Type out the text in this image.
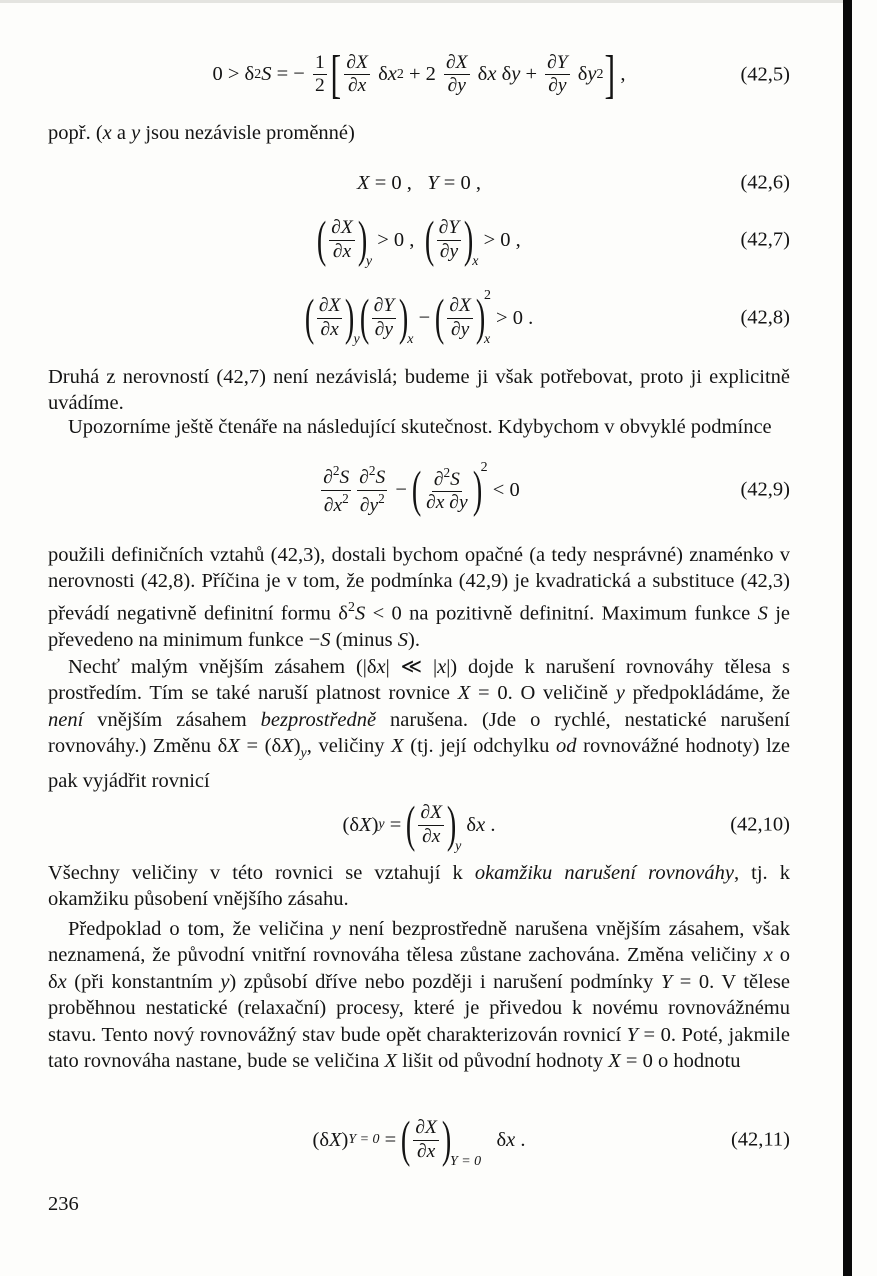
0 > δ 2 S = − $\frac{1}{2}$ [ $\frac{\partial X}{\partial x}$ δ x $2 + 2 \frac{\partial X}{\partial y}$ δ x δ $y + \frac{\partial Y}{\partial y}$ δ y 2 ] ,	(42,5)
popř. (x a y jsou nezávisle proměnné)
X = 0 , Y = 0 ,	(42,6)
( $\frac{\partial X}{\partial x}$ )

y
> 0 , ( $\frac{\partial Y}{\partial y}$ )

x
> 0 ,	(42,7)
( $\frac{\partial X}{\partial x}$ )

y ( $\frac{\partial Y}{\partial y}$ )

x
− ( $\frac{\partial X}{\partial y}$ )
2
x
> 0 .	(42,8)
Druhá z nerovností (42,7) není nezávislá; budeme ji však potřebovat, proto ji explicitně uvádíme.
Upozorníme ještě čtenáře na následující skutečnost. Kdybychom v obvyklé podmínce
$\frac{\partial^2S}{\partial x^2} \frac{\partial^2S}{\partial y^2}$ − ( $\frac{\partial^2S}{\partial x \partial y}$ )
2

< 0	(42,9)
použili definičních vztahů (42,3), dostali bychom opačné (a tedy nesprávné) znaménko v nerovnosti (42,8). Příčina je v tom, že podmínka (42,9) je kvadratická a substituce (42,3) převádí negativně definitní formu $\delta^2S < 0$ na pozitivně definitní. Maximum funkce S je převedeno na minimum funkce −S (minus S).
Nechť malým vnějším zásahem (|δx| ≪ |x|) dojde k narušení rovnováhy tělesa s prostředím. Tím se také naruší platnost rovnice X = 0. O veličině y předpokládáme, že není vnějším zásahem bezprostředně narušena. (Jde o rychlé, nestatické narušení rovnováhy.) Změnu $\delta X = (\delta X)_y$, veličiny X (tj. její odchylku od rovnovážné hodnoty) lze pak vyjádřit rovnicí
(δ X ) y = ( $\frac{\partial X}{\partial x}$ )

y
δ x .	(42,10)
Všechny veličiny v této rovnici se vztahují k okamžiku narušení rovnováhy, tj. k okamžiku působení vnějšího zásahu.
Předpoklad o tom, že veličina y není bezprostředně narušena vnějším zásahem, však neznamená, že původní vnitřní rovnováha tělesa zůstane zachována. Změna veličiny x o δx (při konstantním y) způsobí dříve nebo později i narušení podmínky Y = 0. V tělese proběhnou nestatické (relaxační) procesy, které je přivedou k novému rovnovážnému stavu. Tento nový rovnovážný stav bude opět charakterizován rovnicí Y = 0. Poté, jakmile tato rovnováha nastane, bude se veličina X lišit od původní hodnoty X = 0 o hodnotu
(δ X ) Y = 0 = ( $\frac{\partial X}{\partial x}$ )

Y = 0
δ x .	(42,11)
236
